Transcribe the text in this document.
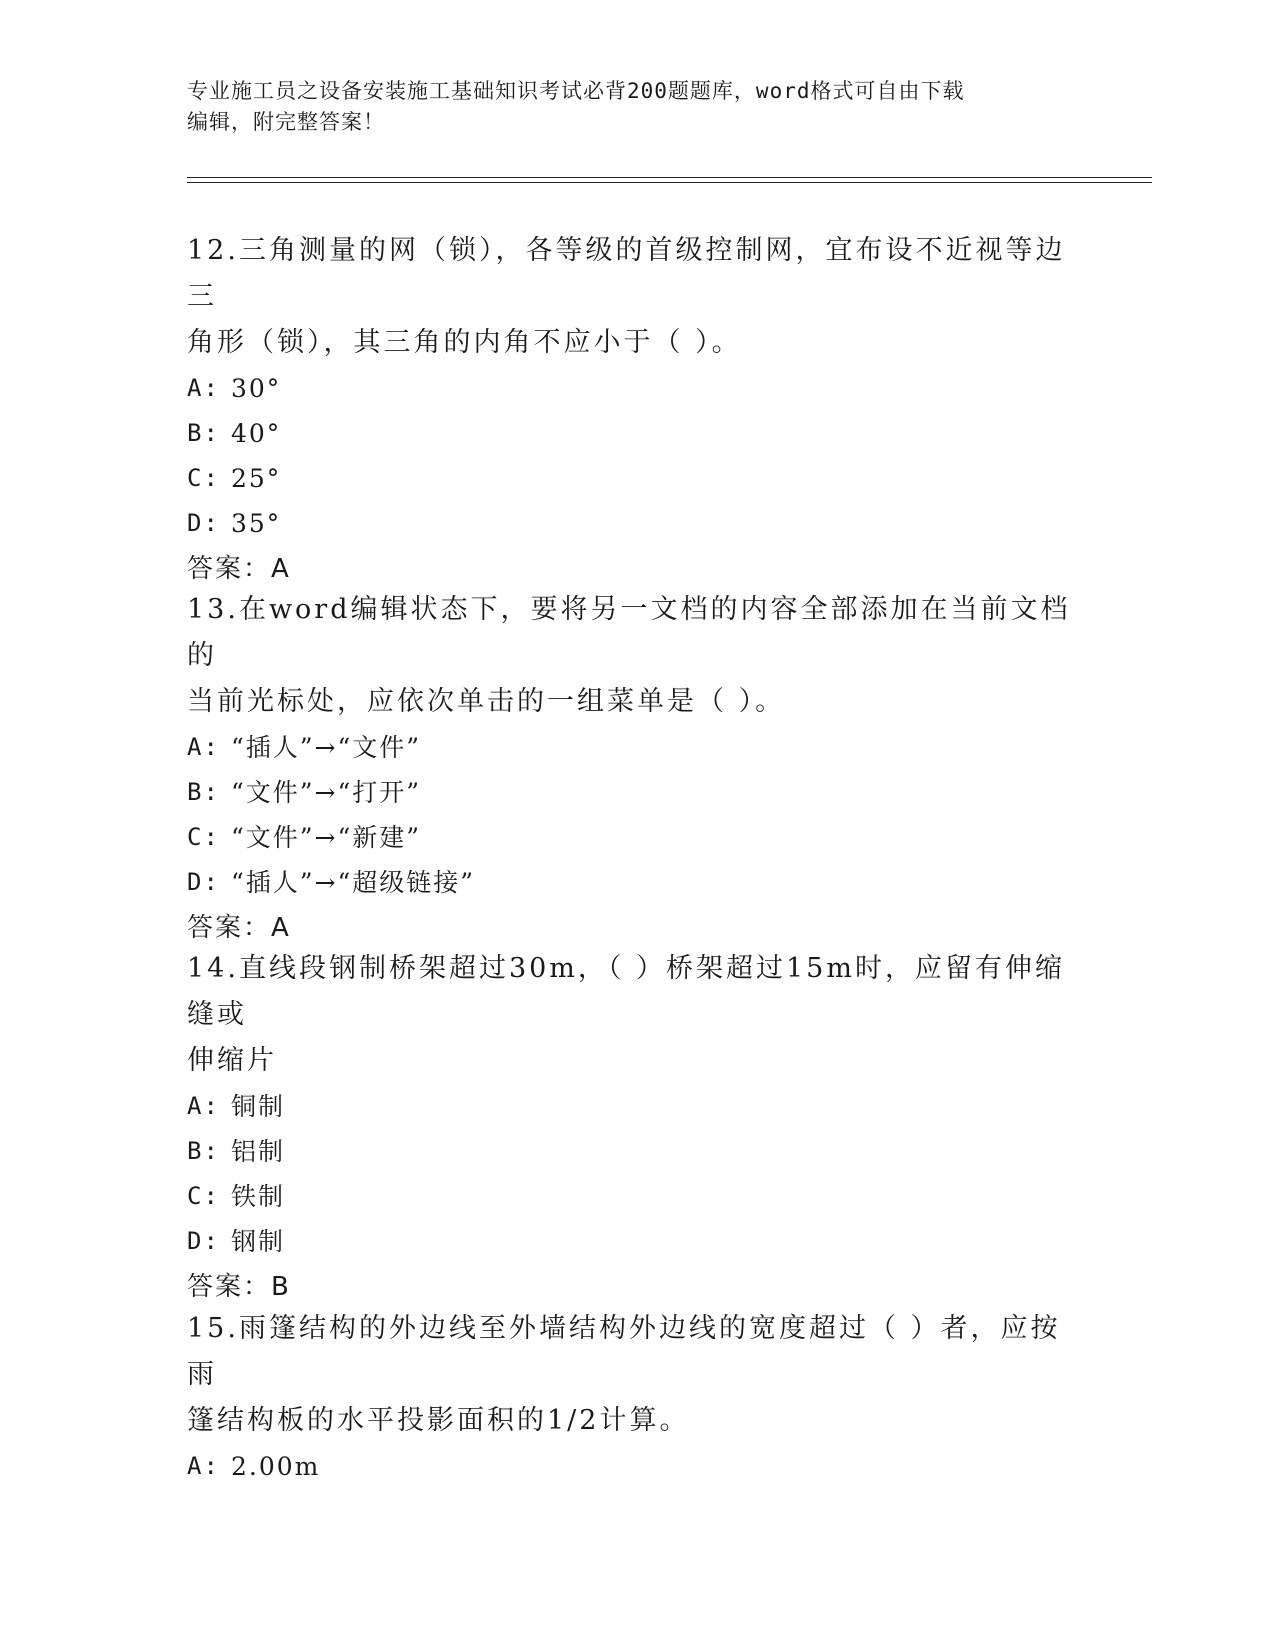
专业施工员之设备安装施工基础知识考试必背200题题库，word格式可自由下载
编辑，附完整答案！

12.三角测量的网（锁），各等级的首级控制网，宜布设不近视等边三

角形（锁），其三角的内角不应小于（ ）。

A: 30°

B: 40°

C: 25°

D: 35°

答案：A

13.在word编辑状态下，要将另一文档的内容全部添加在当前文档的

当前光标处，应依次单击的一组菜单是（ ）。

A: “插人”→“文件”

B: “文件”→“打开”

C: “文件”→“新建”

D: “插人”→“超级链接”

答案：A

14.直线段钢制桥架超过30m，（ ）桥架超过15m时，应留有伸缩缝或

伸缩片

A: 铜制

B: 铝制

C: 铁制

D: 钢制

答案：B

15.雨篷结构的外边线至外墙结构外边线的宽度超过（ ）者，应按雨

篷结构板的水平投影面积的1/2计算。

A: 2.00m
